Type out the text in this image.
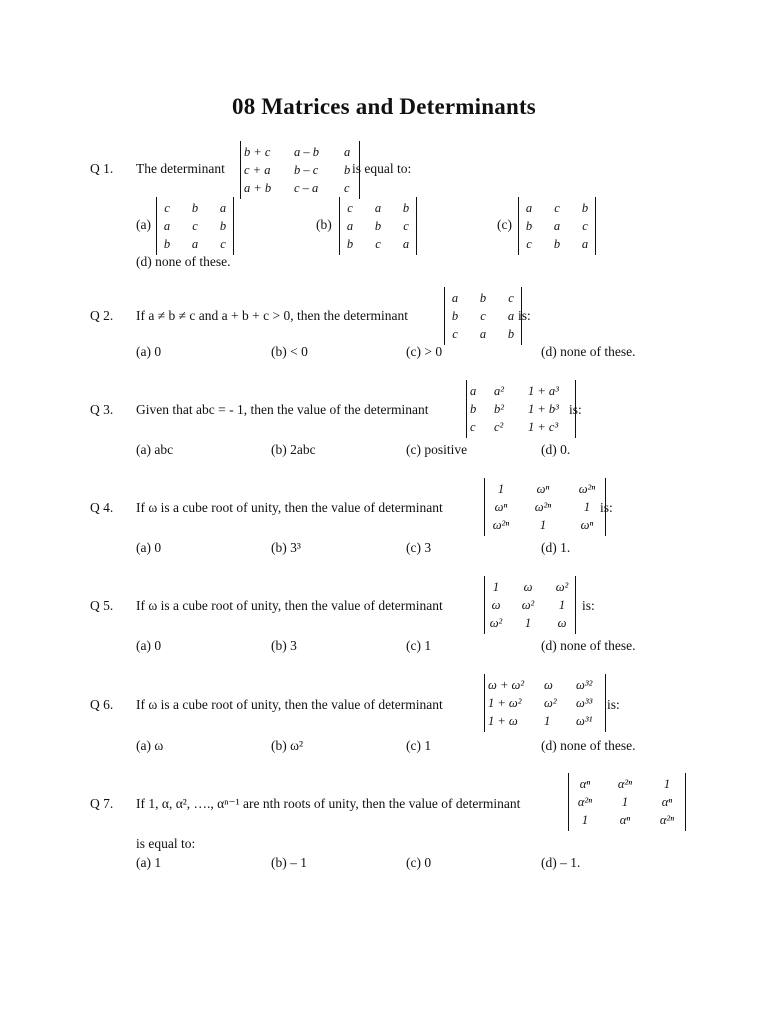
08 Matrices and Determinants
Q 1. The determinant
b + c	a – b	a
c + a	b – c	b
a + b	c – a	c
is equal to:
(a)
c	b	a
a	c	b
b	a	c
(b)
c	a	b
a	b	c
b	c	a
(c)
a	c	b
b	a	c
c	b	a
(d) none of these.
Q 2. If a ≠ b ≠ c and a + b + c > 0, then the determinant
a	b	c
b	c	a
c	a	b
is:
(a) 0	(b) < 0	(c) > 0	(d) none of these.
Q 3. Given that abc = - 1, then the value of the determinant
a	a²	1 + a³
b	b²	1 + b³
c	c²	1 + c³
is:
(a) abc	(b) 2abc	(c) positive	(d) 0.
Q 4. If ω is a cube root of unity, then the value of determinant
1	ωⁿ	ω²ⁿ
ωⁿ	ω²ⁿ	1
ω²ⁿ	1	ωⁿ
is:
(a) 0	(b) 3³	(c) 3	(d) 1.
Q 5. If ω is a cube root of unity, then the value of determinant
1	ω	ω²
ω	ω²	1
ω²	1	ω
is:
(a) 0	(b) 3	(c) 1	(d) none of these.
Q 6. If ω is a cube root of unity, then the value of determinant
ω + ω²	ω	ω³²
1 + ω²	ω²	ω³³
1 + ω	1	ω³¹
is:
(a) ω	(b) ω²	(c) 1	(d) none of these.
Q 7. If 1, α, α², …., αⁿ⁻¹ are nth roots of unity, then the value of determinant
αⁿ	α²ⁿ	1
α²ⁿ	1	αⁿ
1	αⁿ	α²ⁿ
is equal to:
(a) 1	(b) – 1	(c) 0	(d) – 1.
